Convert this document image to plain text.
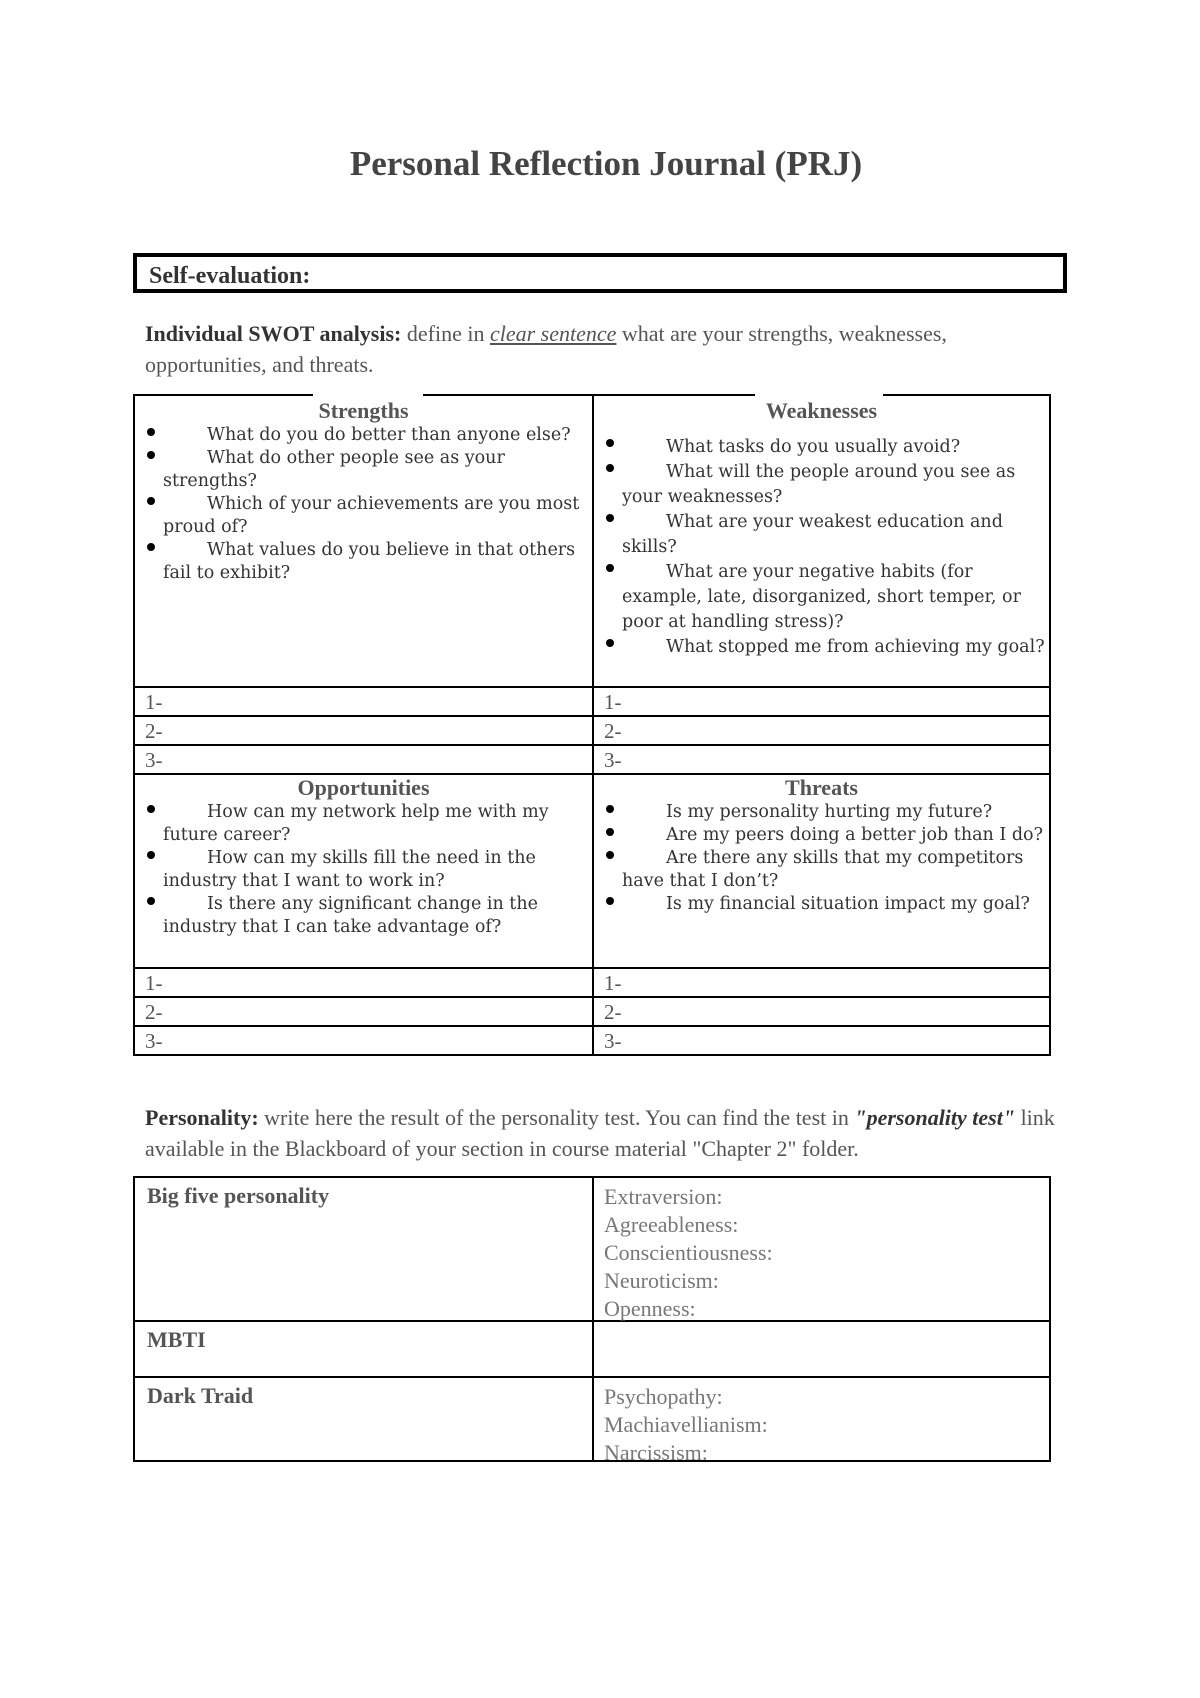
Personal Reflection Journal (PRJ)
Self-evaluation:
Individual SWOT analysis: define in clear sentence what are your strengths, weaknesses, opportunities, and threats.
Strengths
What do you do better than anyone else?
What do other people see as your strengths?
Which of your achievements are you most proud of?
What values do you believe in that others fail to exhibit?
Weaknesses
What tasks do you usually avoid?
What will the people around you see as your weaknesses?
What are your weakest education and skills?
What are your negative habits (for example, late, disorganized, short temper, or poor at handling stress)?
What stopped me from achieving my goal?
1-
2-
3-
1-
2-
3-
Opportunities
How can my network help me with my future career?
How can my skills fill the need in the industry that I want to work in?
Is there any significant change in the industry that I can take advantage of?
Threats
Is my personality hurting my future?
Are my peers doing a better job than I do?
Are there any skills that my competitors have that I don’t?
Is my financial situation impact my goal?
1-
2-
3-
1-
2-
3-
Personality: write here the result of the personality test. You can find the test in "personality test" link available in the Blackboard of your section in course material "Chapter 2" folder.
Big five personality	Extraversion:
Agreeableness:
Conscientiousness:
Neuroticism:
Openness:
MBTI
Dark Traid	Psychopathy:
Machiavellianism:
Narcissism:
